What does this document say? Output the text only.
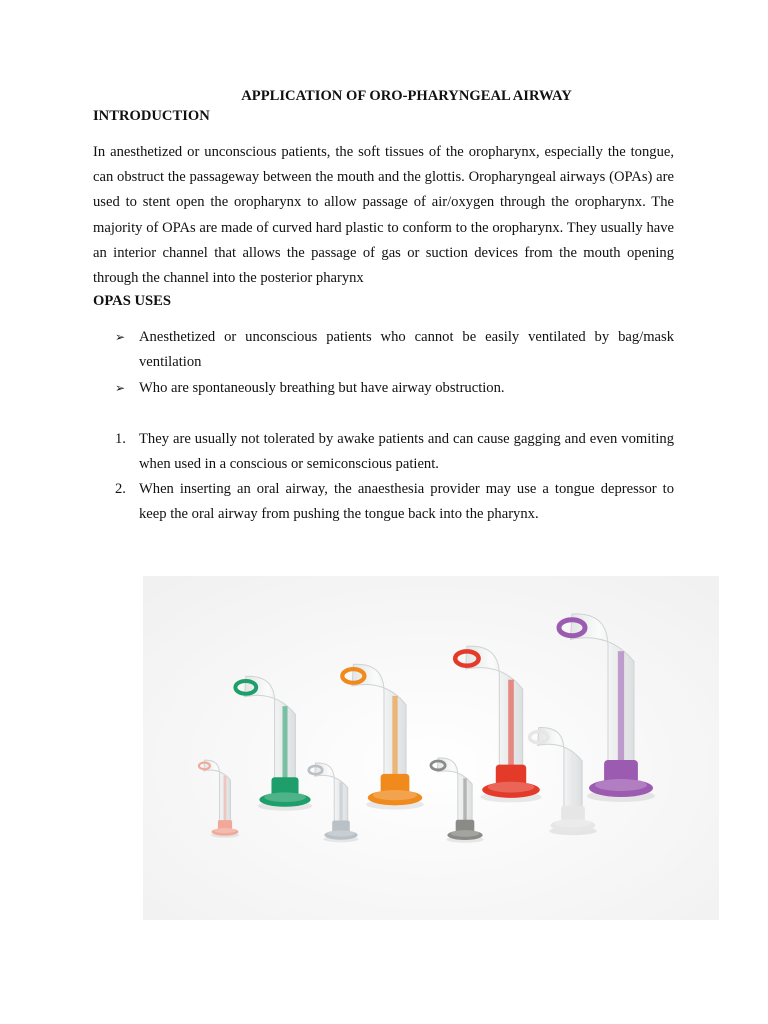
APPLICATION OF ORO-PHARYNGEAL AIRWAY
INTRODUCTION

In anesthetized or unconscious patients, the soft tissues of the oropharynx, especially the tongue, can obstruct the passageway between the mouth and the glottis. Oropharyngeal airways (OPAs) are used to stent open the oropharynx to allow passage of air/oxygen through the oropharynx. The majority of OPAs are made of curved hard plastic to conform to the oropharynx. They usually have an interior channel that allows the passage of gas or suction devices from the mouth opening through the channel into the posterior pharynx

OPAS USES
➢ Anesthetized or unconscious patients who cannot be easily ventilated by bag/mask ventilation
➢ Who are spontaneously breathing but have airway obstruction.
1. They are usually not tolerated by awake patients and can cause gagging and even vomiting when used in a conscious or semiconscious patient.
2. When inserting an oral airway, the anaesthesia provider may use a tongue depressor to keep the oral airway from pushing the tongue back into the pharynx.
